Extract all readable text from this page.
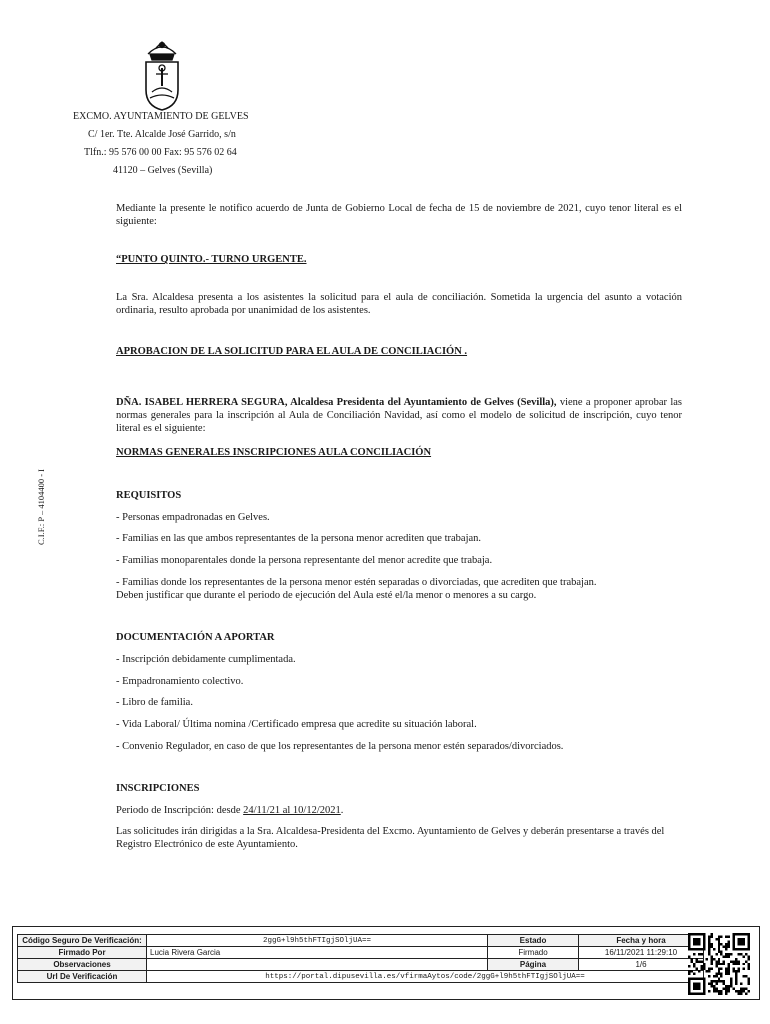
EXCMO. AYUNTAMIENTO DE GELVES
C/ 1er. Tte. Alcalde José Garrido, s/n
Tlfn.: 95 576 00 00 Fax: 95 576 02 64
41120 – Gelves (Sevilla)
C.I.F.: P – 4104400 - I
Mediante la presente le notifico acuerdo de Junta de Gobierno Local de fecha de 15 de noviembre de 2021, cuyo tenor literal es el siguiente:
“PUNTO QUINTO.- TURNO URGENTE.
La Sra. Alcaldesa presenta a los asistentes la solicitud para el aula de conciliación. Sometida la urgencia del asunto a votación ordinaria, resulto aprobada por unanimidad de los asistentes.
APROBACION DE LA SOLICITUD PARA EL AULA DE CONCILIACIÓN .
DÑA. ISABEL HERRERA SEGURA, Alcaldesa Presidenta del Ayuntamiento de Gelves (Sevilla), viene a proponer aprobar las normas generales para la inscripción al Aula de Conciliación Navidad, así como el modelo de solicitud de inscripción, cuyo tenor literal es el siguiente:
NORMAS GENERALES INSCRIPCIONES AULA CONCILIACIÓN
REQUISITOS
- Personas empadronadas en Gelves.
- Familias en las que ambos representantes de la persona menor acrediten que trabajan.
- Familias monoparentales donde la persona representante del menor acredite que trabaja.
- Familias donde los representantes de la persona menor estén separadas o divorciadas, que acrediten que trabajan.
Deben justificar que durante el periodo de ejecución del Aula esté el/la menor o menores a su cargo.
DOCUMENTACIÓN A APORTAR
- Inscripción debidamente cumplimentada.
- Empadronamiento colectivo.
- Libro de familia.
- Vida Laboral/ Última nomina /Certificado empresa que acredite su situación laboral.
- Convenio Regulador, en caso de que los representantes de la persona menor estén separados/divorciados.
INSCRIPCIONES
Periodo de Inscripción: desde 24/11/21 al 10/12/2021.
Las solicitudes irán dirigidas a la Sra. Alcaldesa-Presidenta del Excmo. Ayuntamiento de Gelves y deberán presentarse a través del Registro Electrónico de este Ayuntamiento.
Código Seguro De Verificación:	2ggG+l9h5thFTIgjSOljUA==	Estado	Fecha y hora
Firmado Por	Lucia Rivera Garcia	Firmado	16/11/2021 11:29:10
Observaciones		Página	1/6
Url De Verificación	https://portal.dipusevilla.es/vfirmaAytos/code/2ggG+l9h5thFTIgjSOljUA==		
